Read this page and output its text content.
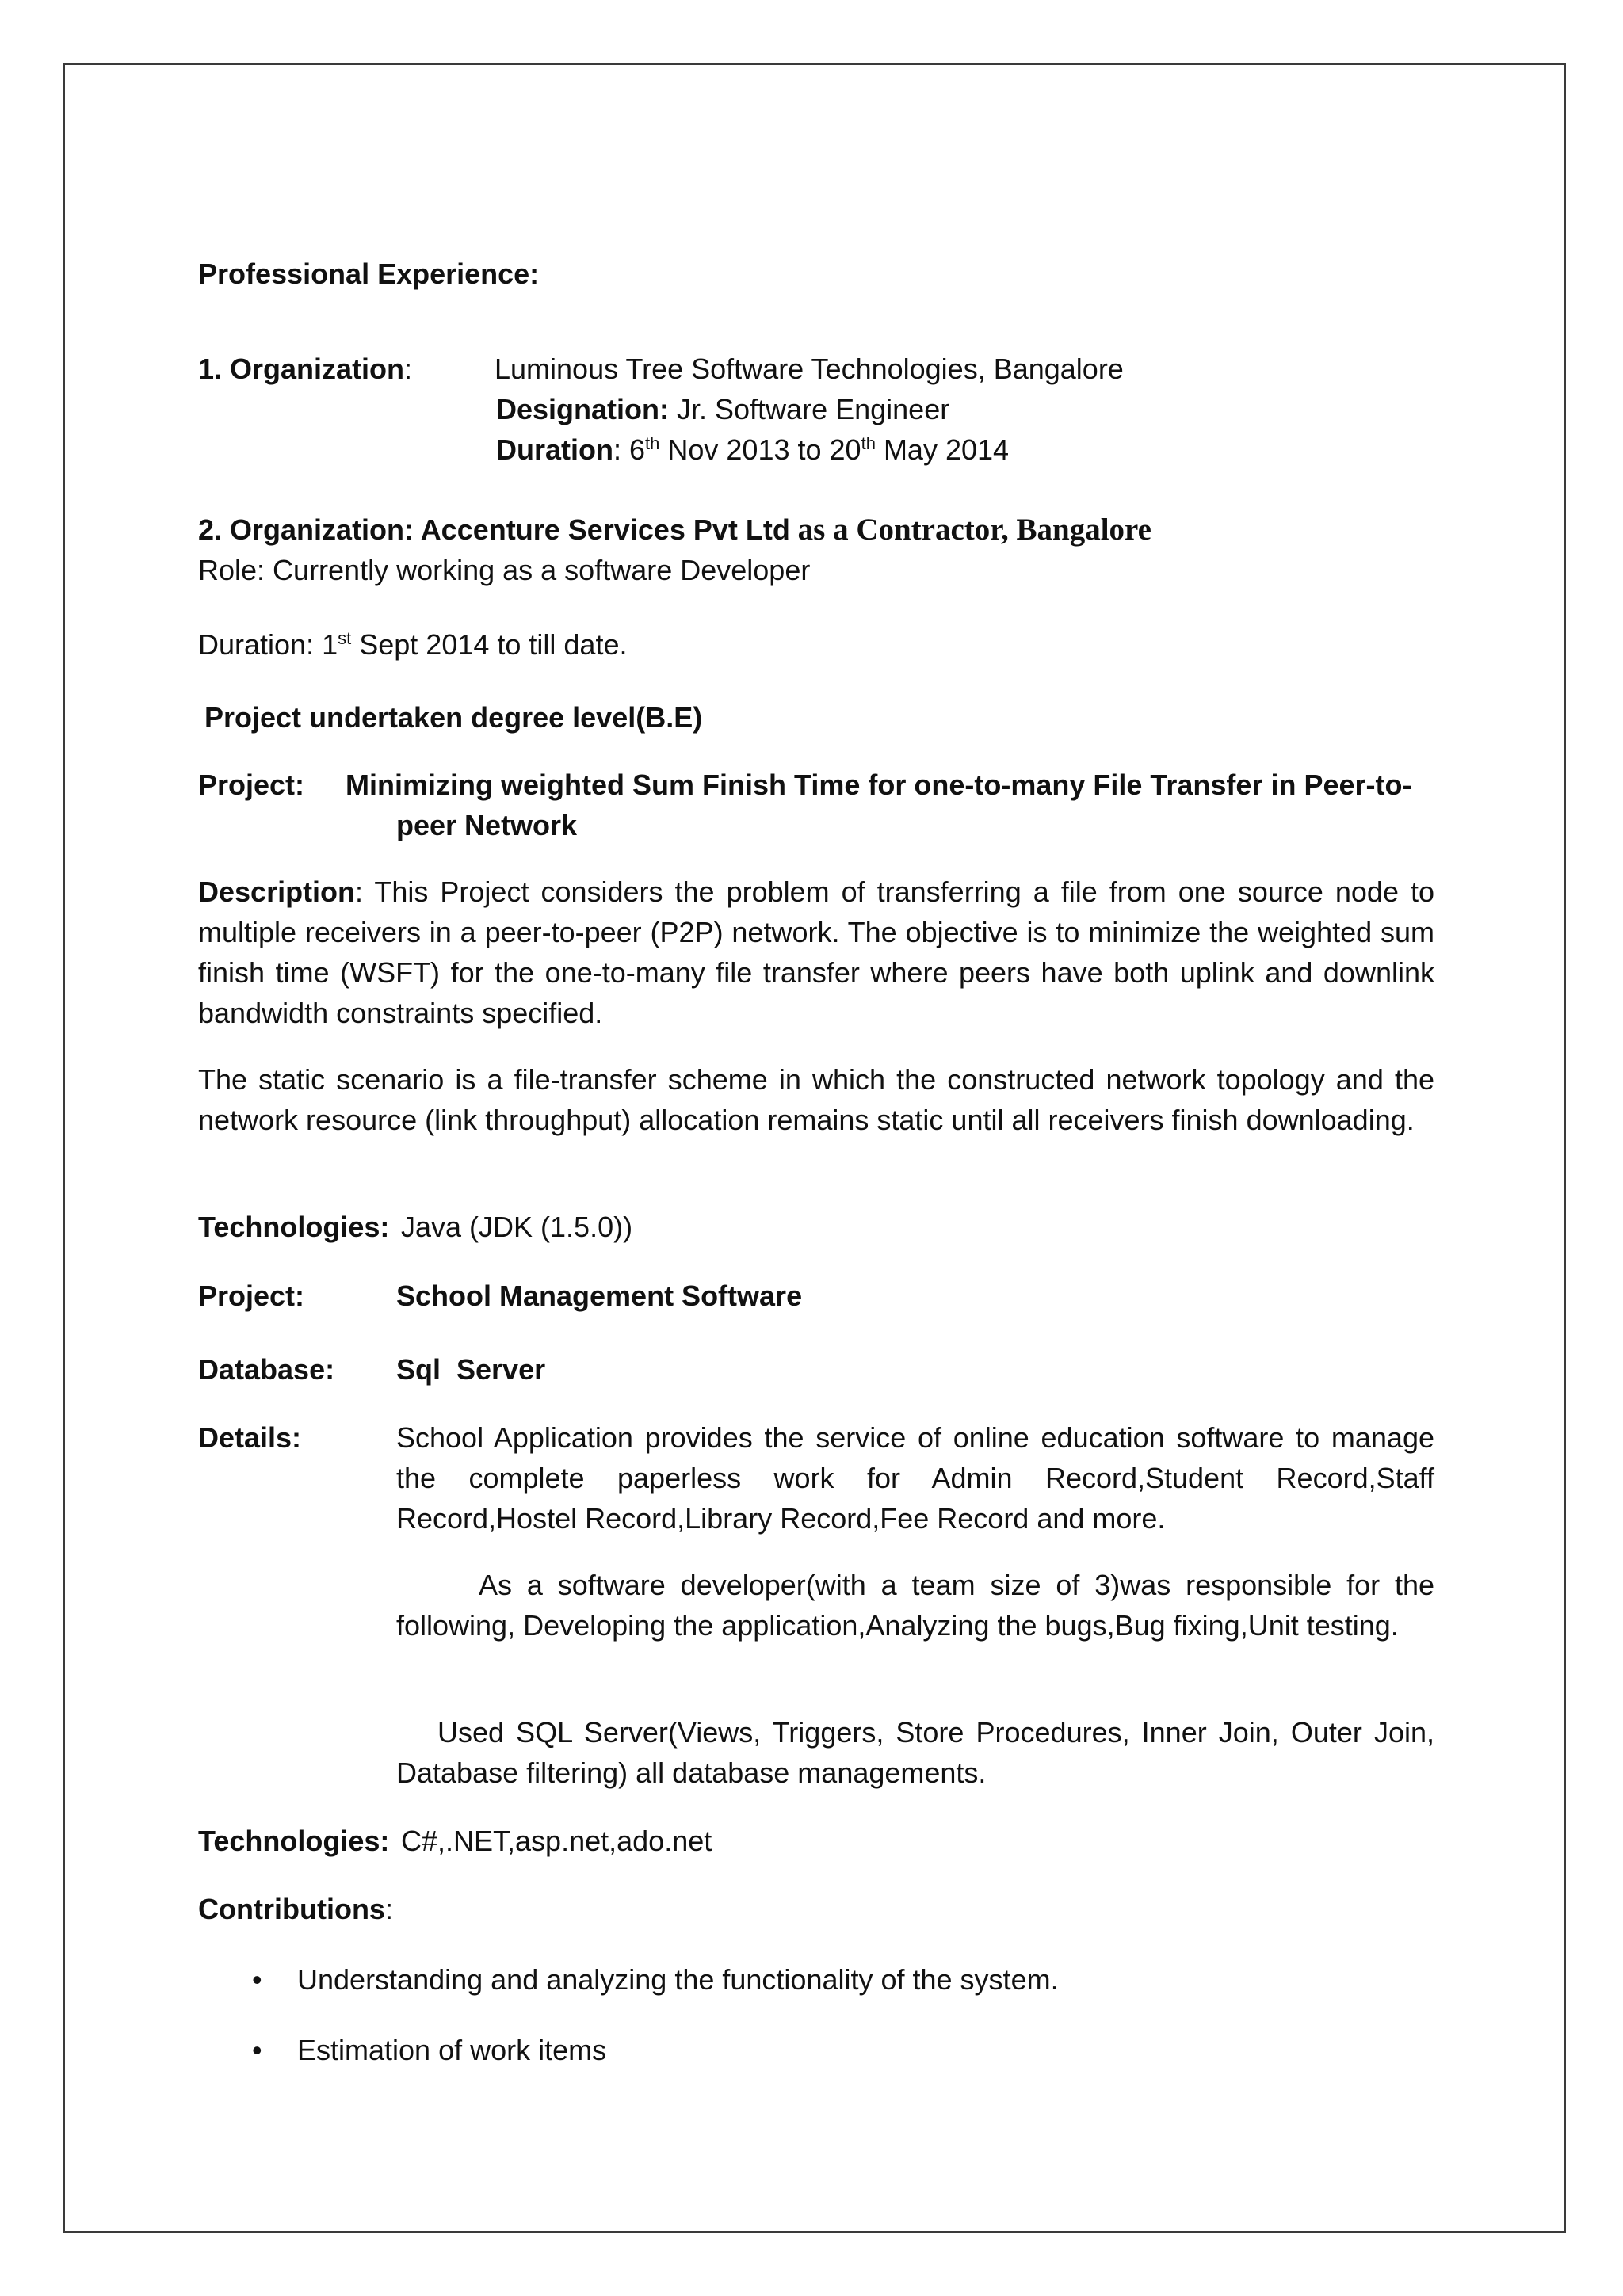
Professional Experience:
1. Organization:	Luminous Tree Software Technologies, Bangalore
Designation: Jr. Software Engineer
Duration: 6th Nov 2013 to 20th May 2014
2. Organization: Accenture Services Pvt Ltd as a Contractor, Bangalore
Role: Currently working as a software Developer
Duration: 1st Sept 2014 to till date.
Project undertaken degree level(B.E)
Project: Minimizing weighted Sum Finish Time for one-to-many File Transfer in Peer-to-
peer Network

Description: This Project considers the problem of transferring a file from one source node to multiple receivers in a peer-to-peer (P2P) network. The objective is to minimize the weighted sum finish time (WSFT) for the one-to-many file transfer where peers have both uplink and downlink bandwidth constraints specified.

The static scenario is a file-transfer scheme in which the constructed network topology and the network resource (link throughput) allocation remains static until all receivers finish downloading.

Technologies: Java (JDK (1.5.0))
Project:	School Management Software
Database: Sql  Server
Details:	School Application provides the service of online education software to manage the complete paperless work for Admin Record,Student Record,Staff Record,Hostel Record,Library Record,Fee Record and more.

As a software developer(with a team size of 3)was responsible for the following, Developing the application,Analyzing the bugs,Bug fixing,Unit testing.

Used SQL Server(Views, Triggers, Store Procedures, Inner Join, Outer Join, Database filtering) all database managements.

Technologies: C#,.NET,asp.net,ado.net
Contributions:
• Understanding and analyzing the functionality of the system.
• Estimation of work items
